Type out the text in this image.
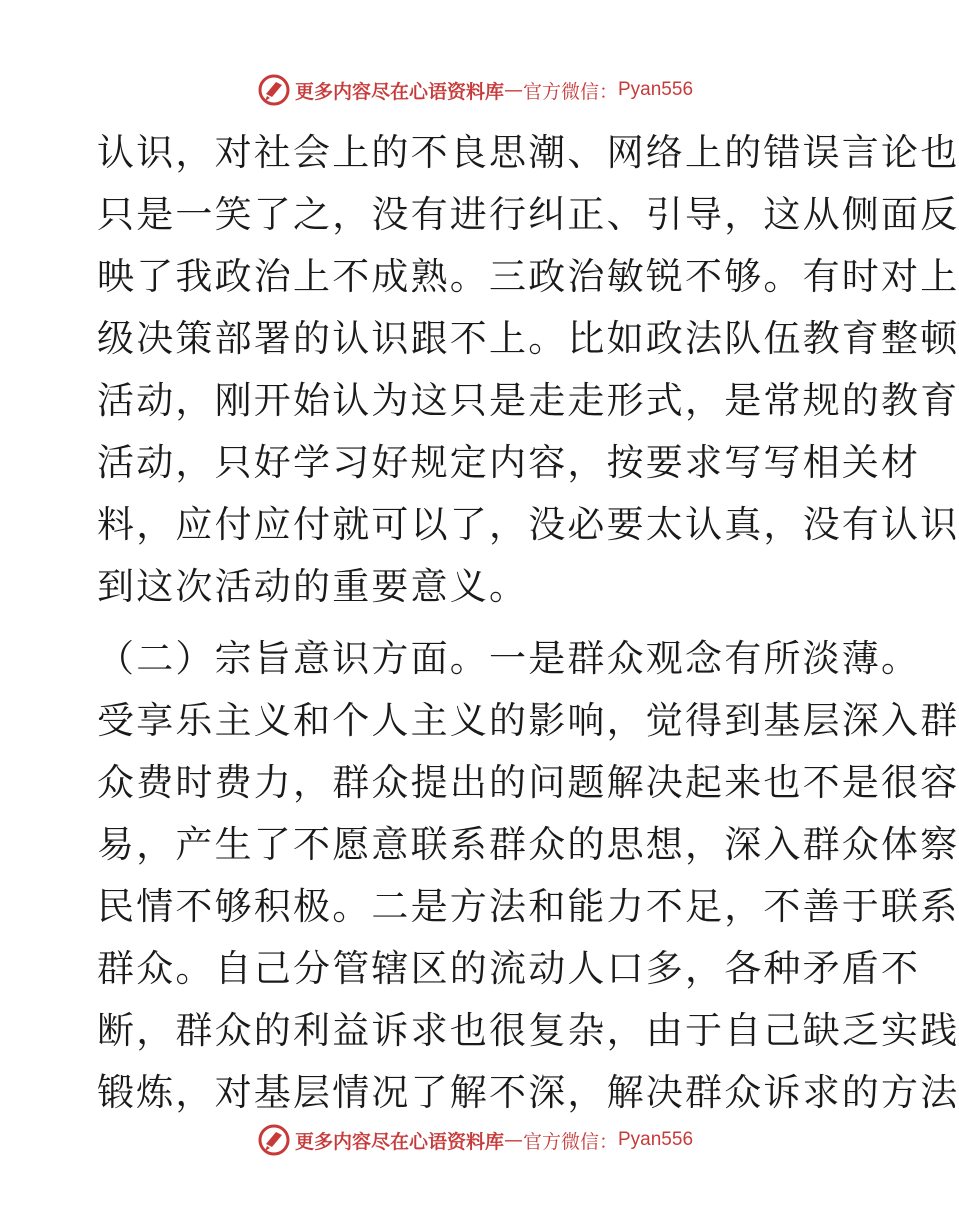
更多内容尽在心语资料库 — 官方微信： Pyan556
认识，对社会上的不良思潮、网络上的错误言论也
只是一笑了之，没有进行纠正、引导，这从侧面反
映了我政治上不成熟。三政治敏锐不够。有时对上
级决策部署的认识跟不上。比如政法队伍教育整顿
活动，刚开始认为这只是走走形式，是常规的教育
活动，只好学习好规定内容，按要求写写相关材
料，应付应付就可以了，没必要太认真，没有认识
到这次活动的重要意义。
（二）宗旨意识方面。一是群众观念有所淡薄。
受享乐主义和个人主义的影响，觉得到基层深入群
众费时费力，群众提出的问题解决起来也不是很容
易，产生了不愿意联系群众的思想，深入群众体察
民情不够积极。二是方法和能力不足，不善于联系
群众。自己分管辖区的流动人口多，各种矛盾不
断，群众的利益诉求也很复杂，由于自己缺乏实践
锻炼，对基层情况了解不深，解决群众诉求的方法
更多内容尽在心语资料库 — 官方微信： Pyan556
